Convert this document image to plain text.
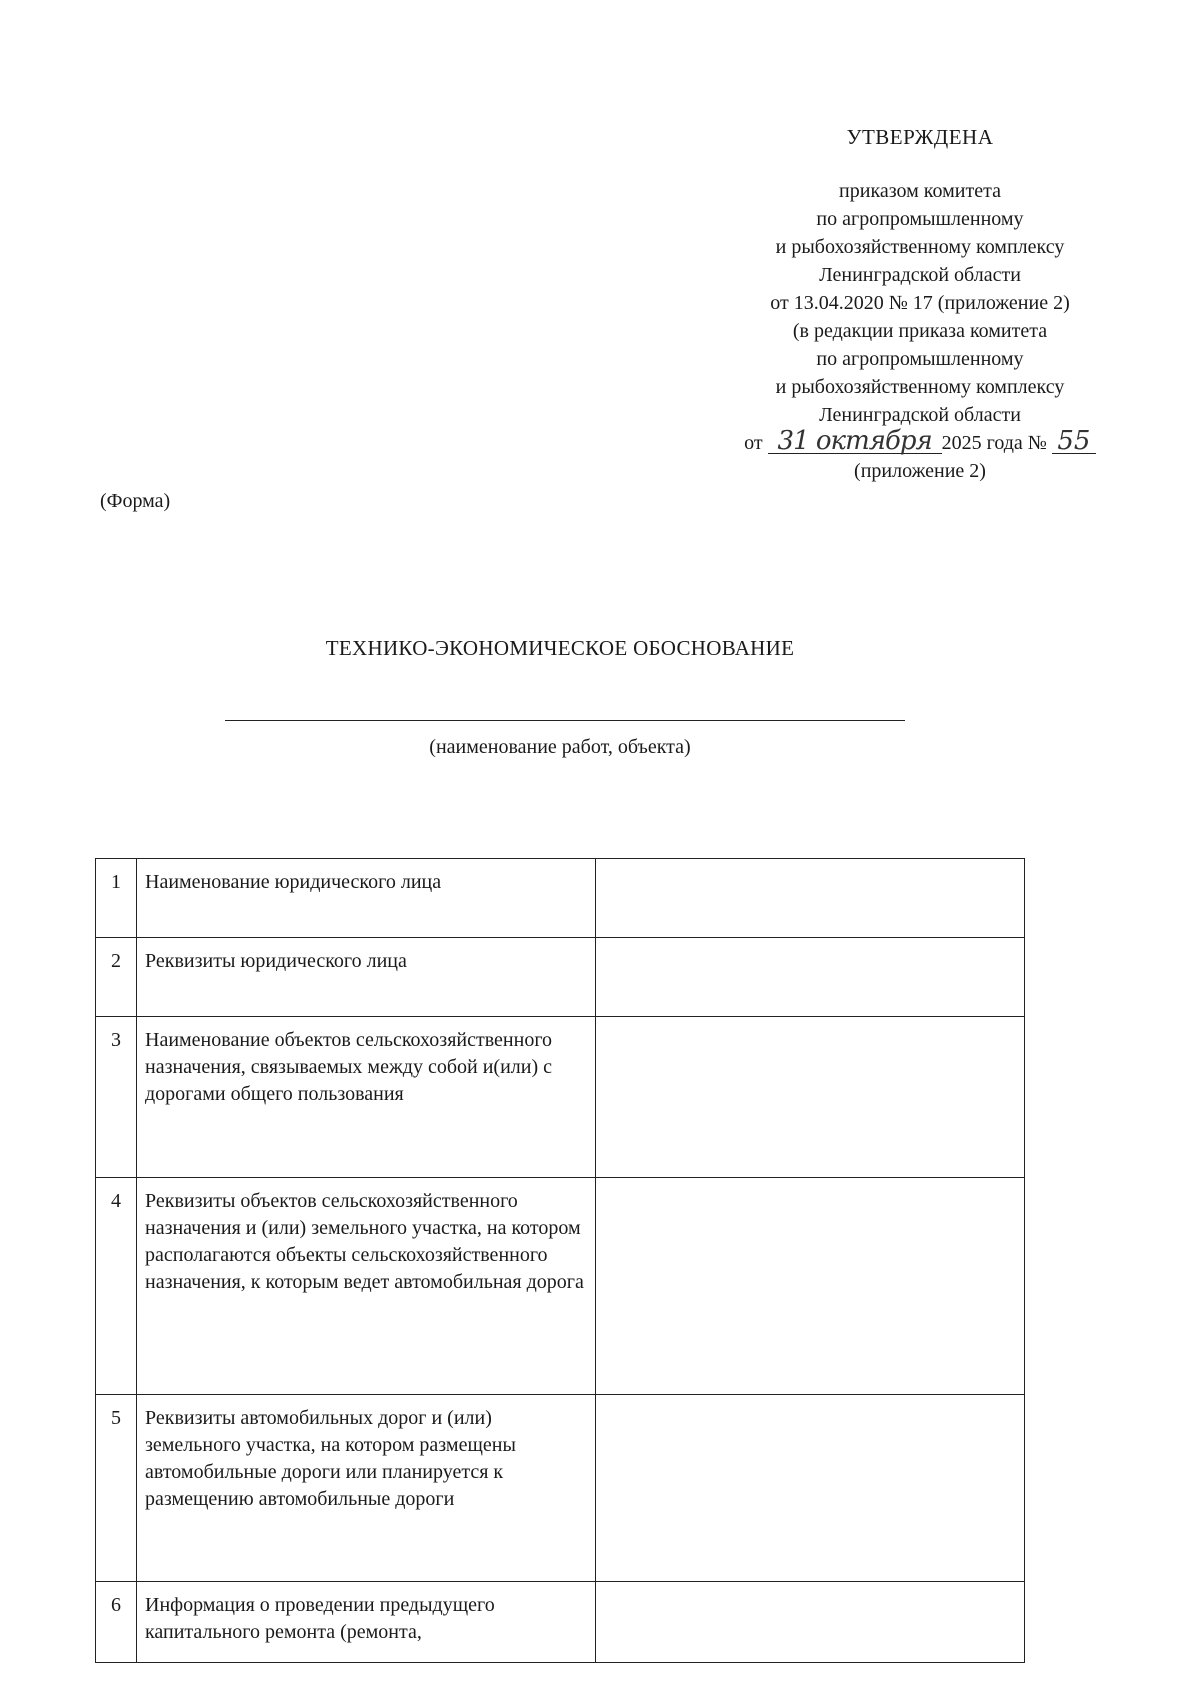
УТВЕРЖДЕНА
приказом комитета
по агропромышленному
и рыбохозяйственному комплексу
Ленинградской области
от 13.04.2020 № 17 (приложение 2)
(в редакции приказа комитета
по агропромышленному
и рыбохозяйственному комплексу
Ленинградской области
от 31 октября 2025 года № 55
(приложение 2)
(Форма)
ТЕХНИКО-ЭКОНОМИЧЕСКОЕ ОБОСНОВАНИЕ
(наименование работ, объекта)
1	Наименование юридического лица	
2	Реквизиты юридического лица	
3	Наименование объектов сельскохозяйственного назначения, связываемых между собой и(или) с дорогами общего пользования	
4	Реквизиты объектов сельскохозяйственного назначения и (или) земельного участка, на котором располагаются объекты сельскохозяйственного назначения, к которым ведет автомобильная дорога	
5	Реквизиты автомобильных дорог и (или) земельного участка, на котором размещены автомобильные дороги или планируется к размещению автомобильные дороги	
6	Информация о проведении предыдущего капитального ремонта (ремонта,	
